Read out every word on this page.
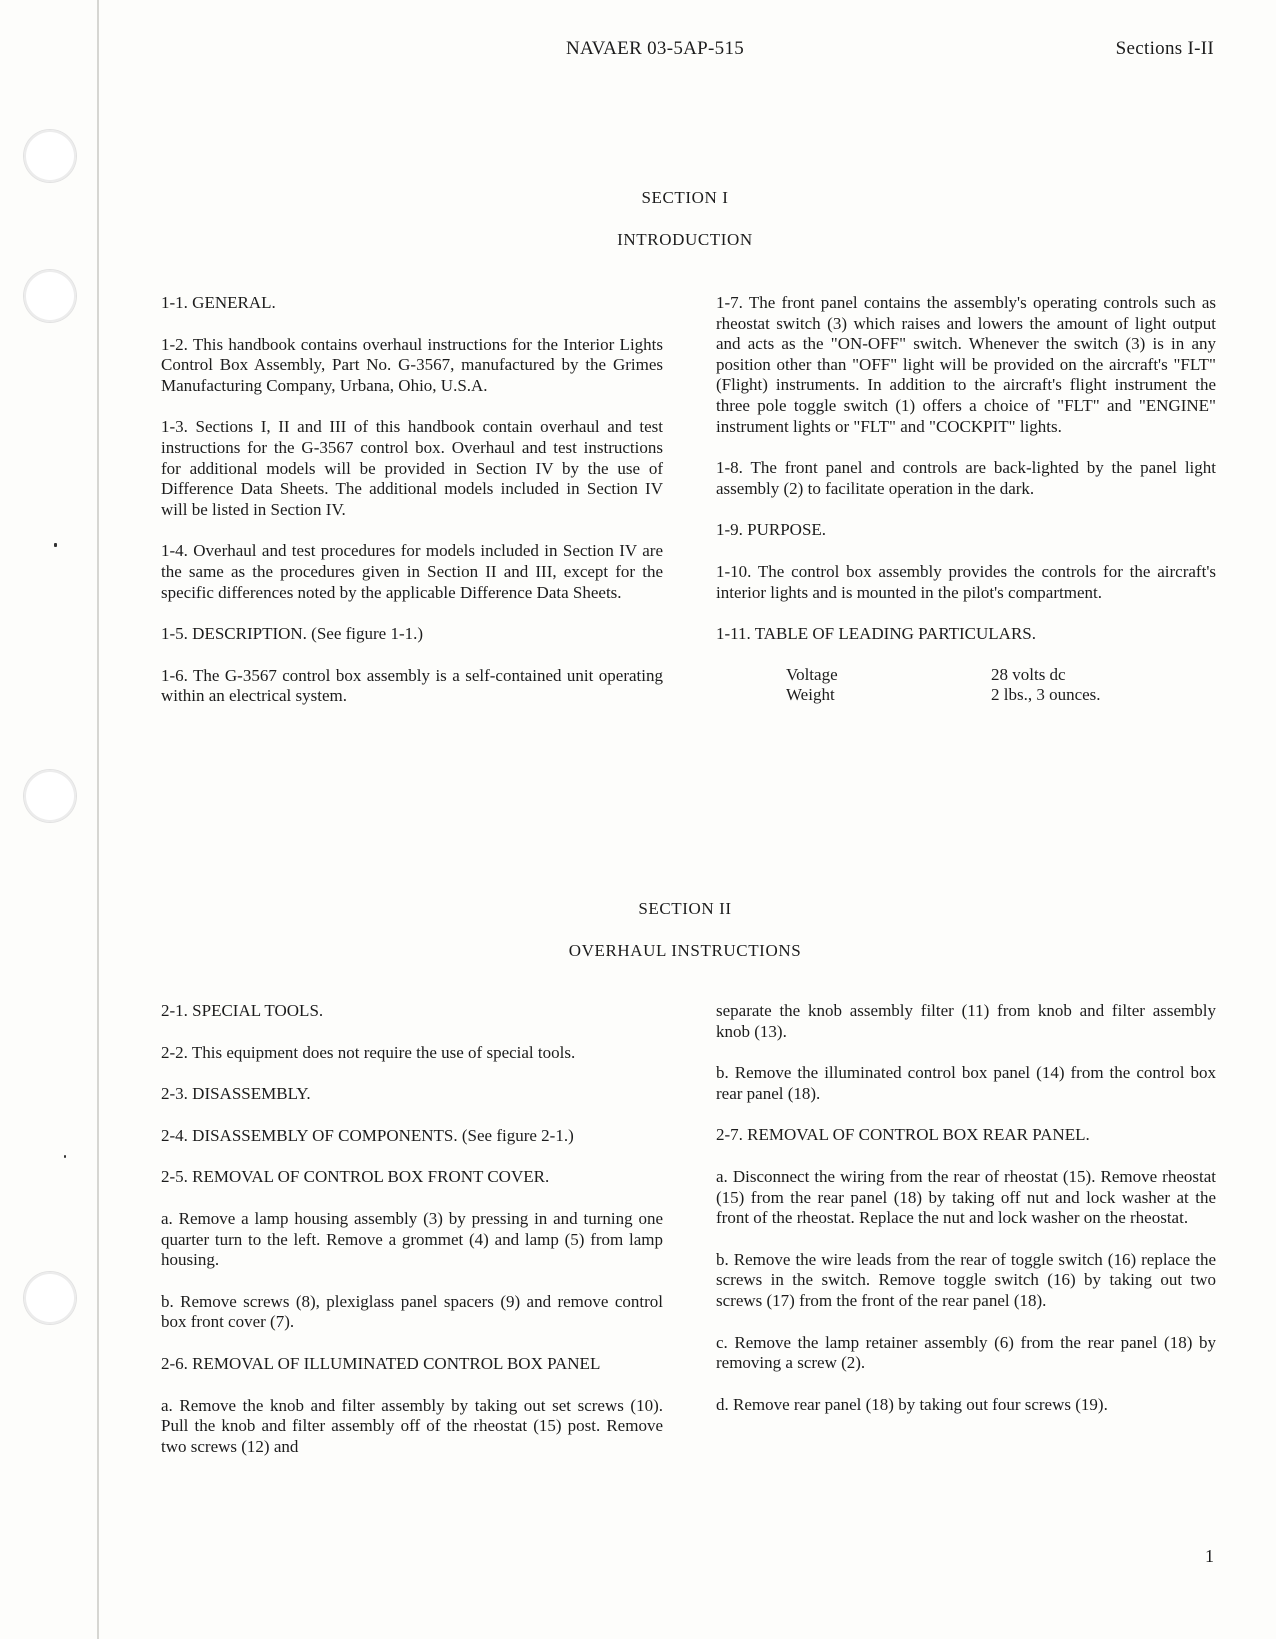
NAVAER 03-5AP-515	Sections I-II
SECTION I
INTRODUCTION

1-1. GENERAL.

1-2. This handbook contains overhaul instructions for the Interior Lights Control Box Assembly, Part No. G-3567, manufactured by the Grimes Manufacturing Company, Urbana, Ohio, U.S.A.

1-3. Sections I, II and III of this handbook contain overhaul and test instructions for the G-3567 control box. Overhaul and test instructions for additional models will be provided in Section IV by the use of Difference Data Sheets. The additional models included in Section IV will be listed in Section IV.

1-4. Overhaul and test procedures for models included in Section IV are the same as the procedures given in Section II and III, except for the specific differences noted by the applicable Difference Data Sheets.

1-5. DESCRIPTION. (See figure 1-1.)

1-6. The G-3567 control box assembly is a self-contained unit operating within an electrical system.

1-7. The front panel contains the assembly's operating controls such as rheostat switch (3) which raises and lowers the amount of light output and acts as the "ON-OFF" switch. Whenever the switch (3) is in any position other than "OFF" light will be provided on the aircraft's "FLT" (Flight) instruments. In addition to the aircraft's flight instrument the three pole toggle switch (1) offers a choice of "FLT" and "ENGINE" instrument lights or "FLT" and "COCKPIT" lights.

1-8. The front panel and controls are back-lighted by the panel light assembly (2) to facilitate operation in the dark.

1-9. PURPOSE.

1-10. The control box assembly provides the controls for the aircraft's interior lights and is mounted in the pilot's compartment.

1-11. TABLE OF LEADING PARTICULARS.

Voltage	28 volts dc
Weight	2 lbs., 3 ounces.
SECTION II
OVERHAUL INSTRUCTIONS

2-1. SPECIAL TOOLS.

2-2. This equipment does not require the use of special tools.

2-3. DISASSEMBLY.

2-4. DISASSEMBLY OF COMPONENTS. (See figure 2-1.)

2-5. REMOVAL OF CONTROL BOX FRONT COVER.

a. Remove a lamp housing assembly (3) by pressing in and turning one quarter turn to the left. Remove a grommet (4) and lamp (5) from lamp housing.

b. Remove screws (8), plexiglass panel spacers (9) and remove control box front cover (7).

2-6. REMOVAL OF ILLUMINATED CONTROL BOX PANEL

a. Remove the knob and filter assembly by taking out set screws (10). Pull the knob and filter assembly off of the rheostat (15) post. Remove two screws (12) and

separate the knob assembly filter (11) from knob and filter assembly knob (13).

b. Remove the illuminated control box panel (14) from the control box rear panel (18).

2-7. REMOVAL OF CONTROL BOX REAR PANEL.

a. Disconnect the wiring from the rear of rheostat (15). Remove rheostat (15) from the rear panel (18) by taking off nut and lock washer at the front of the rheostat. Replace the nut and lock washer on the rheostat.

b. Remove the wire leads from the rear of toggle switch (16) replace the screws in the switch. Remove toggle switch (16) by taking out two screws (17) from the front of the rear panel (18).

c. Remove the lamp retainer assembly (6) from the rear panel (18) by removing a screw (2).

d. Remove rear panel (18) by taking out four screws (19).

1
